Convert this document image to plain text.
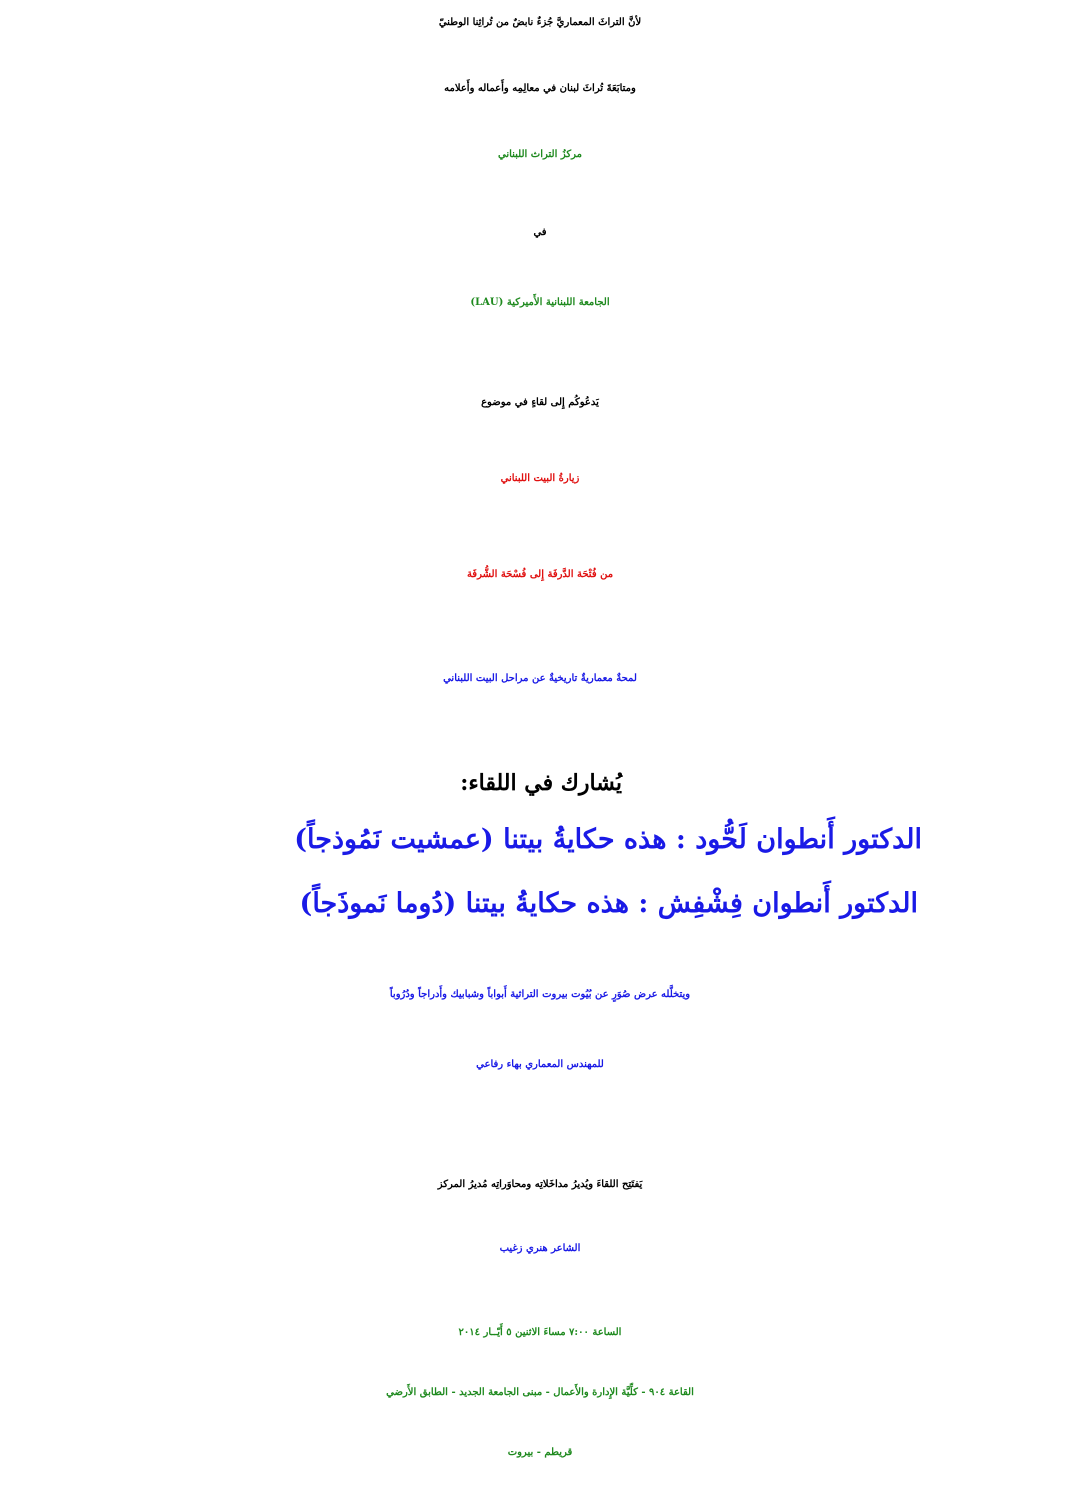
لأنَّ التراثَ المعماريَّ جُزءٌ نابضٌ من تُراثِنا الوطنيّ
ومتابَعَةَ تُراثَ لبنان في معالِمِه وأَعماله وأَعلامه
مركزُ التراث اللبناني
في
الجامعة اللبنانية الأَميركية (LAU)
يَدعُوكُم إِلى لقاءٍ في موضوع
زيارةُ البيت اللبناني
من فُتْحَة الدَّرفَة إِلى فُسْحَة الشُّرفَة
لمحةٌ معماريةٌ تاريخيةٌ عن مراحل البيت اللبناني
يُشارك في اللقاء:
الدكتور أَنطوان لَحُّود : هذه حكايةُ بيتنا (عمشيت نَمُوذجاً)
الدكتور أَنطوان فِشْفِش : هذه حكايةُ بيتنا (دُوما نَموذَجاً)
ويتخلَّله عرض صُوَرٍ عن بُيُوت بيروت التراثية أَبواباً وشبابيك وأَدراجاً ودُرُوباً
للمهندس المعماري بهاء رفاعي
يَفتَتِح اللقاءَ ويُديرُ مداخَلاتِه ومحاوَراتِه مُديرُ المركز
الشاعر هنري زغيب
الساعة ٧:٠٠ مساءَ الاثنين ٥ أَيّــار ٢٠١٤
القاعة ٩٠٤ - كلِّيَّة الإِدارة والأَعمال - مبنى الجامعة الجديد - الطابق الأَرضي
قريطم - بيروت
